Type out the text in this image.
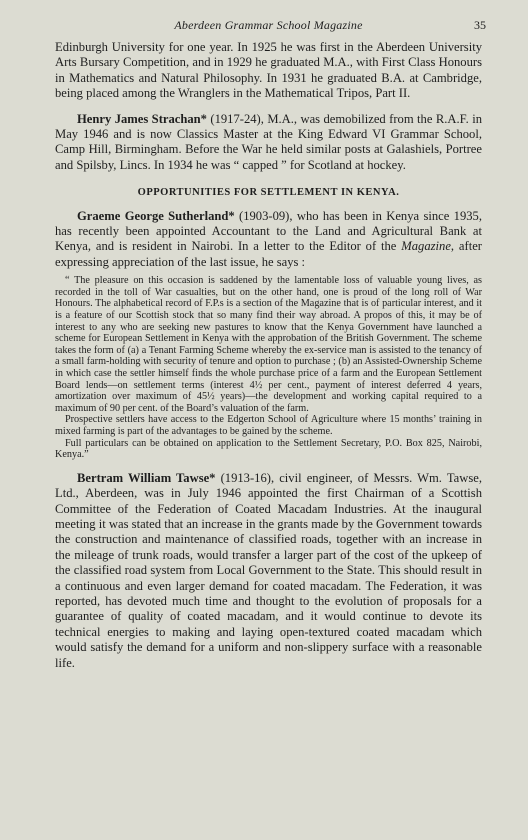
Aberdeen Grammar School Magazine	35

Edinburgh University for one year. In 1925 he was first in the Aberdeen University Arts Bursary Competition, and in 1929 he graduated M.A., with First Class Honours in Mathematics and Natural Philosophy. In 1931 he graduated B.A. at Cambridge, being placed among the Wranglers in the Mathematical Tripos, Part II.

Henry James Strachan* (1917-24), M.A., was demobilized from the R.A.F. in May 1946 and is now Classics Master at the King Edward VI Grammar School, Camp Hill, Birmingham. Before the War he held similar posts at Galashiels, Portree and Spilsby, Lincs. In 1934 he was “ capped ” for Scotland at hockey.

OPPORTUNITIES FOR SETTLEMENT IN KENYA.

Graeme George Sutherland* (1903-09), who has been in Kenya since 1935, has recently been appointed Accountant to the Land and Agricultural Bank at Kenya, and is resident in Nairobi. In a letter to the Editor of the Magazine, after expressing appreciation of the last issue, he says :

“ The pleasure on this occasion is saddened by the lamentable loss of valuable young lives, as recorded in the toll of War casualties, but on the other hand, one is proud of the long roll of War Honours. The alphabetical record of F.P.s is a section of the Magazine that is of particular interest, and it is a feature of our Scottish stock that so many find their way abroad. A propos of this, it may be of interest to any who are seeking new pastures to know that the Kenya Government have launched a scheme for European Settlement in Kenya with the approbation of the British Government. The scheme takes the form of (a) a Tenant Farming Scheme whereby the ex-service man is assisted to the tenancy of a small farm-holding with security of tenure and option to purchase ; (b) an Assisted-Ownership Scheme in which case the settler himself finds the whole purchase price of a farm and the European Settlement Board lends—on settlement terms (interest 4½ per cent., payment of interest deferred 4 years, amortization over maximum of 45½ years)—the development and working capital required to a maximum of 90 per cent. of the Board’s valuation of the farm.

Prospective settlers have access to the Edgerton School of Agriculture where 15 months’ training in mixed farming is part of the advantages to be gained by the scheme.

Full particulars can be obtained on application to the Settlement Secretary, P.O. Box 825, Nairobi, Kenya.”

Bertram William Tawse* (1913-16), civil engineer, of Messrs. Wm. Tawse, Ltd., Aberdeen, was in July 1946 appointed the first Chairman of a Scottish Committee of the Federation of Coated Macadam Industries. At the inaugural meeting it was stated that an increase in the grants made by the Government towards the construction and maintenance of classified roads, together with an increase in the mileage of trunk roads, would transfer a larger part of the cost of the upkeep of the classified road system from Local Government to the State. This should result in a continuous and even larger demand for coated macadam. The Federation, it was reported, has devoted much time and thought to the evolution of proposals for a guarantee of quality of coated macadam, and it would continue to devote its technical energies to making and laying open-textured coated macadam which would satisfy the demand for a uniform and non-slippery surface with a reasonable life.
